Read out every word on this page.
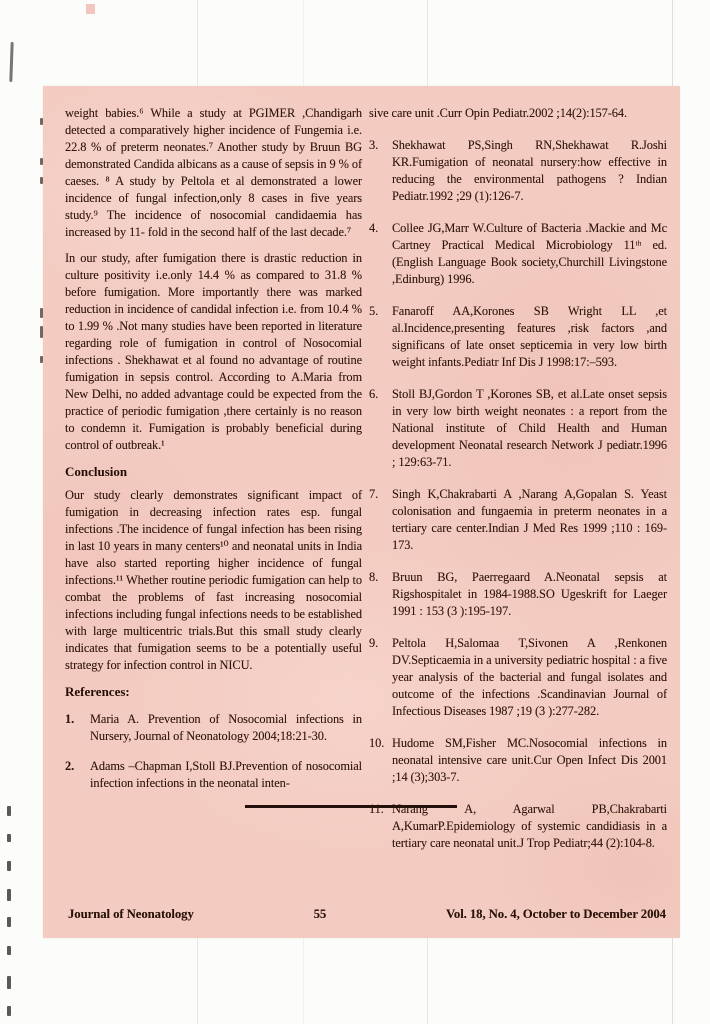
weight babies.⁶ While a study at PGIMER ,Chandigarh detected a comparatively higher incidence of Fungemia i.e. 22.8 % of preterm neonates.⁷ Another study by Bruun BG demonstrated Candida albicans as a cause of sepsis in 9 % of caeses. ⁸ A study by Peltola et al demonstrated a lower incidence of fungal infection,only 8 cases in five years study.⁹ The incidence of nosocomial candidaemia has increased by 11- fold in the second half of the last decade.⁷

In our study, after fumigation there is drastic reduction in culture positivity i.e.only 14.4 % as compared to 31.8 % before fumigation. More importantly there was marked reduction in incidence of candidal infection i.e. from 10.4 % to 1.99 % .Not many studies have been reported in literature regarding role of fumigation in control of Nosocomial infections . Shekhawat et al found no advantage of routine fumigation in sepsis control. According to A.Maria from New Delhi, no added advantage could be expected from the practice of periodic fumigation ,there certainly is no reason to condemn it. Fumigation is probably beneficial during control of outbreak.¹

Conclusion

Our study clearly demonstrates significant impact of fumigation in decreasing infection rates esp. fungal infections .The incidence of fungal infection has been rising in last 10 years in many centers¹⁰ and neonatal units in India have also started reporting higher incidence of fungal infections.¹¹ Whether routine periodic fumigation can help to combat the problems of fast increasing nosocomial infections including fungal infections needs to be established with large multicentric trials.But this small study clearly indicates that fumigation seems to be a potentially useful strategy for infection control in NICU.

References:
1.	Maria A. Prevention of Nosocomial infections in Nursery, Journal of Neonatology 2004;18:21-30.
2.	Adams –Chapman I,Stoll BJ.Prevention of nosocomial infection infections in the neonatal inten-
sive care unit .Curr Opin Pediatr.2002 ;14(2):157-64.
3.	Shekhawat PS,Singh RN,Shekhawat R.Joshi KR.Fumigation of neonatal nursery:how effective in reducing the environmental pathogens ? Indian Pediatr.1992 ;29 (1):126-7.
4.	Collee JG,Marr W.Culture of Bacteria .Mackie and Mc Cartney Practical Medical Microbiology 11ᵗʰ ed.(English Language Book society,Churchill Livingstone ,Edinburg) 1996.
5.	Fanaroff AA,Korones SB Wright LL ,et al.Incidence,presenting features ,risk factors ,and significans of late onset septicemia in very low birth weight infants.Pediatr Inf Dis J 1998:17:–593.
6.	Stoll BJ,Gordon T ,Korones SB, et al.Late onset sepsis in very low birth weight neonates : a report from the National institute of Child Health and Human development Neonatal research Network J pediatr.1996 ; 129:63-71.
7.	Singh K,Chakrabarti A ,Narang A,Gopalan S. Yeast colonisation and fungaemia in preterm neonates in a tertiary care center.Indian J Med Res 1999 ;110 : 169-173.
8.	Bruun BG, Paerregaard A.Neonatal sepsis at Rigshospitalet in 1984-1988.SO Ugeskrift for Laeger 1991 : 153 (3 ):195-197.
9.	Peltola H,Salomaa T,Sivonen A ,Renkonen DV.Septicaemia in a university pediatric hospital : a five year analysis of the bacterial and fungal isolates and outcome of the infections .Scandinavian Journal of Infectious Diseases 1987 ;19 (3 ):277-282.
10. Hudome SM,Fisher MC.Nosocomial infections in neonatal intensive care unit.Cur Open Infect Dis 2001 ;14 (3);303-7.
11. Narang A, Agarwal PB,Chakrabarti A,KumarP.Epidemiology of systemic candidiasis in a tertiary care neonatal unit.J Trop Pediatr;44 (2):104-8.
Journal of Neonatology	55	Vol. 18, No. 4, October to December 2004
